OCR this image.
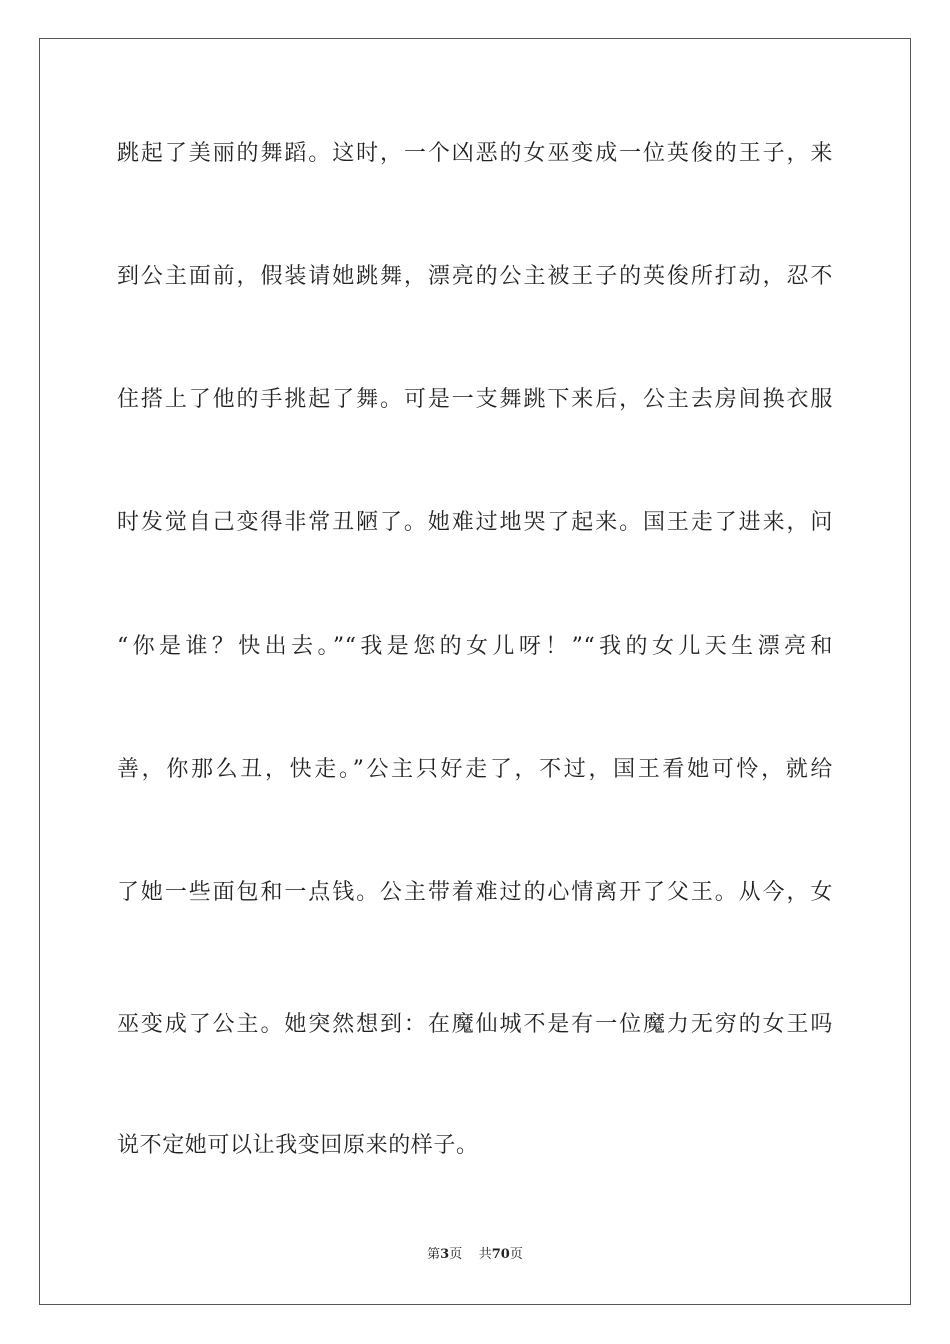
跳起了美丽的舞蹈。这时，一个凶恶的女巫变成一位英俊的王子，来
到公主面前，假装请她跳舞，漂亮的公主被王子的英俊所打动，忍不
住搭上了他的手挑起了舞。可是一支舞跳下来后，公主去房间换衣服
时发觉自己变得非常丑陋了。她难过地哭了起来。国王走了进来，问
“你是谁？快出去。”“我是您的女儿呀！”“我的女儿天生漂亮和
善，你那么丑，快走。”公主只好走了，不过，国王看她可怜，就给
了她一些面包和一点钱。公主带着难过的心情离开了父王。从今，女
巫变成了公主。她突然想到：在魔仙城不是有一位魔力无穷的女王吗
说不定她可以让我变回原来的样子。
第3页 共70页
